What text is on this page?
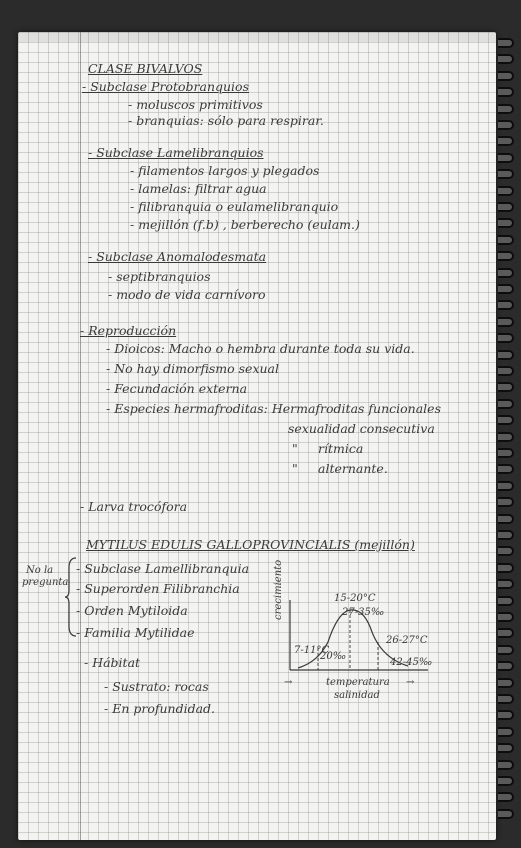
CLASE BIVALVOS
- Subclase Protobranquios
- moluscos primitivos
- branquias: sólo para respirar.
- Subclase Lamelibranquios
- filamentos largos y plegados
- lamelas: filtrar agua
- filibranquia o eulamelibranquio
- mejillón (f.b) , berberecho (eulam.)
- Subclase Anomalodesmata
- septibranquios
- modo de vida carnívoro
- Reproducción
- Dioicos: Macho o hembra durante toda su vida.
- No hay dimorfismo sexual
- Fecundación externa
- Especies hermafroditas: Hermafroditas funcionales
sexualidad consecutiva
" rítmica
" alternante.
- Larva trocófora
MYTILUS EDULIS GALLOPROVINCIALIS (mejillón)
No la
pregunta
- Subclase Lamellibranquia
- Superorden Filibranchia
- Orden Mytiloida
- Familia Mytilidae
- Hábitat
- Sustrato: rocas
- En profundidad.
crecimiento	15-20°C
27-35‰
7-11°C
20‰
26-27°C
42-45‰
→	temperatura →
salinidad
